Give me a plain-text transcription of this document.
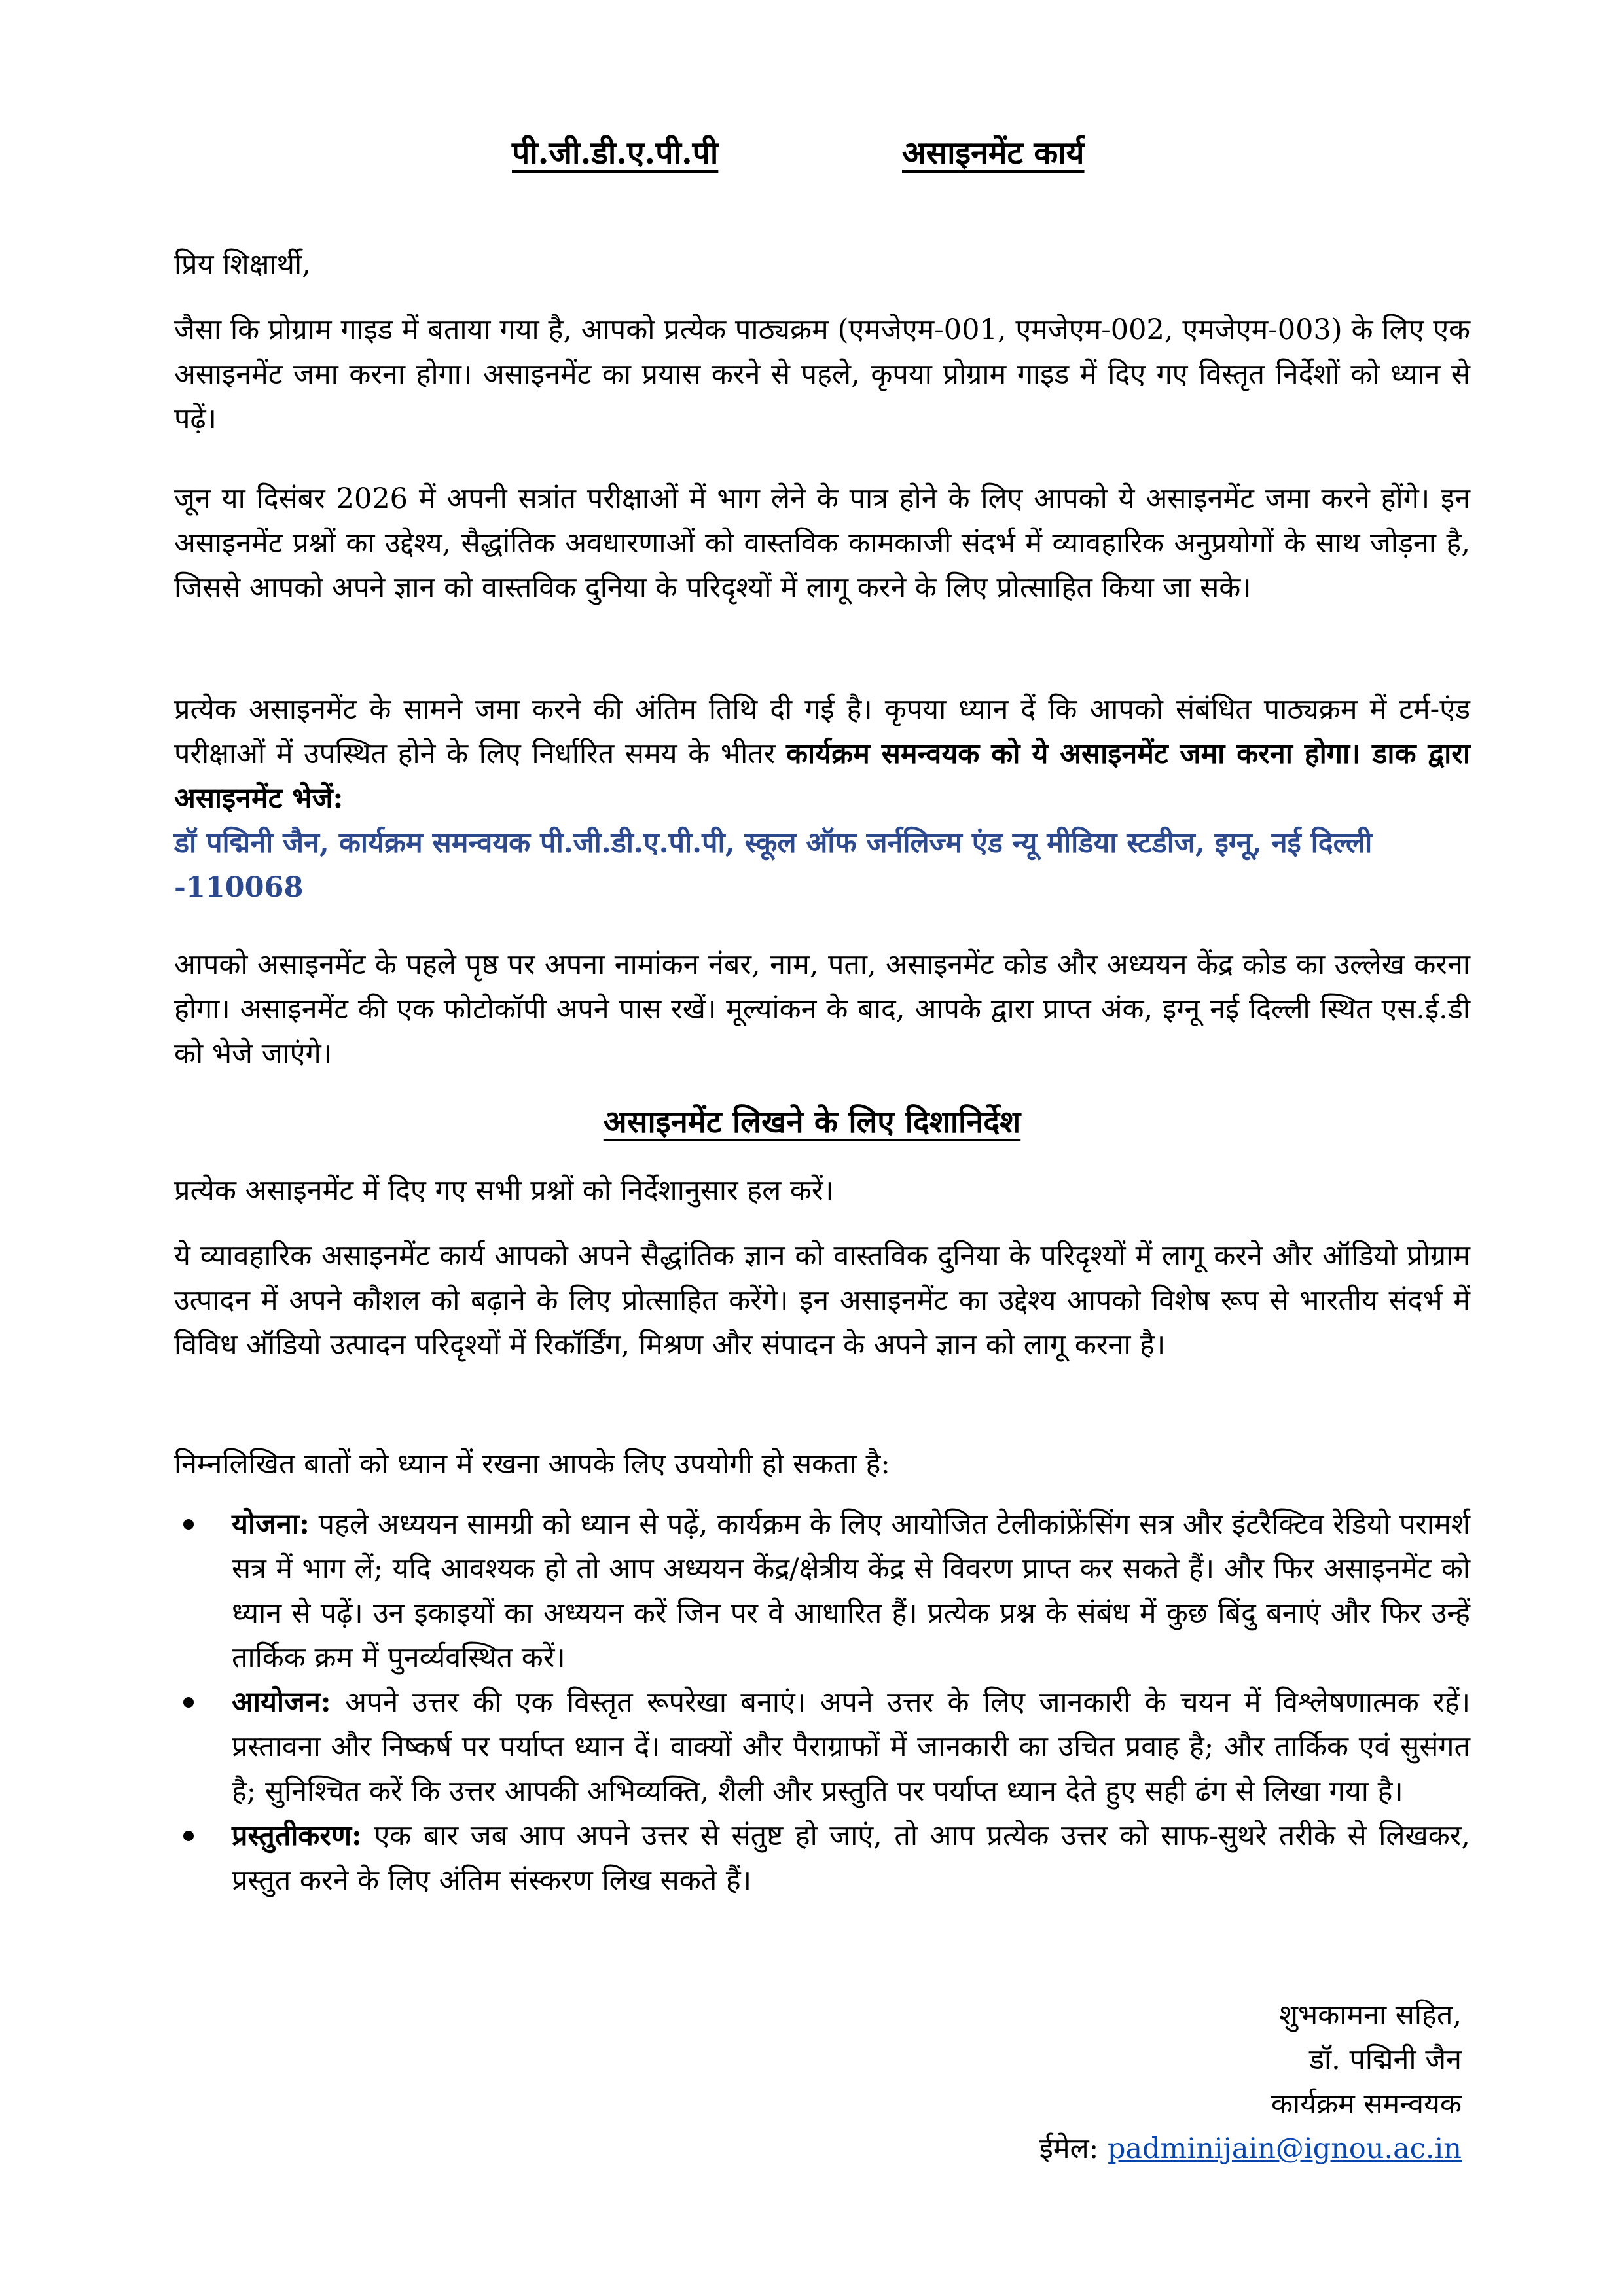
पी.जी.डी.ए.पी.पी	असाइनमेंट कार्य
प्रिय शिक्षार्थी,
जैसा कि प्रोग्राम गाइड में बताया गया है, आपको प्रत्येक पाठ्यक्रम (एमजेएम-001, एमजेएम-002, एमजेएम-003) के लिए एक असाइनमेंट जमा करना होगा। असाइनमेंट का प्रयास करने से पहले, कृपया प्रोग्राम गाइड में दिए गए विस्तृत निर्देशों को ध्यान से पढ़ें।
जून या दिसंबर 2026 में अपनी सत्रांत परीक्षाओं में भाग लेने के पात्र होने के लिए आपको ये असाइनमेंट जमा करने होंगे। इन असाइनमेंट प्रश्नों का उद्देश्य, सैद्धांतिक अवधारणाओं को वास्तविक कामकाजी संदर्भ में व्यावहारिक अनुप्रयोगों के साथ जोड़ना है, जिससे आपको अपने ज्ञान को वास्तविक दुनिया के परिदृश्यों में लागू करने के लिए प्रोत्साहित किया जा सके।
प्रत्येक असाइनमेंट के सामने जमा करने की अंतिम तिथि दी गई है। कृपया ध्यान दें कि आपको संबंधित पाठ्यक्रम में टर्म-एंड परीक्षाओं में उपस्थित होने के लिए निर्धारित समय के भीतर कार्यक्रम समन्वयक को ये असाइनमेंट जमा करना होगा। डाक द्वारा असाइनमेंट भेजें:
डॉ पद्मिनी जैन, कार्यक्रम समन्वयक पी.जी.डी.ए.पी.पी, स्कूल ऑफ जर्नलिज्म एंड न्यू मीडिया स्टडीज, इग्नू, नई दिल्ली -110068
आपको असाइनमेंट के पहले पृष्ठ पर अपना नामांकन नंबर, नाम, पता, असाइनमेंट कोड और अध्ययन केंद्र कोड का उल्लेख करना होगा। असाइनमेंट की एक फोटोकॉपी अपने पास रखें। मूल्यांकन के बाद, आपके द्वारा प्राप्त अंक, इग्नू नई दिल्ली स्थित एस.ई.डी को भेजे जाएंगे।
असाइनमेंट लिखने के लिए दिशानिर्देश
प्रत्येक असाइनमेंट में दिए गए सभी प्रश्नों को निर्देशानुसार हल करें।
ये व्यावहारिक असाइनमेंट कार्य आपको अपने सैद्धांतिक ज्ञान को वास्तविक दुनिया के परिदृश्यों में लागू करने और ऑडियो प्रोग्राम उत्पादन में अपने कौशल को बढ़ाने के लिए प्रोत्साहित करेंगे। इन असाइनमेंट का उद्देश्य आपको विशेष रूप से भारतीय संदर्भ में विविध ऑडियो उत्पादन परिदृश्यों में रिकॉर्डिंग, मिश्रण और संपादन के अपने ज्ञान को लागू करना है।
निम्नलिखित बातों को ध्यान में रखना आपके लिए उपयोगी हो सकता है:
योजना: पहले अध्ययन सामग्री को ध्यान से पढ़ें, कार्यक्रम के लिए आयोजित टेलीकांफ्रेंसिंग सत्र और इंटरैक्टिव रेडियो परामर्श सत्र में भाग लें; यदि आवश्यक हो तो आप अध्ययन केंद्र/क्षेत्रीय केंद्र से विवरण प्राप्त कर सकते हैं। और फिर असाइनमेंट को ध्यान से पढ़ें। उन इकाइयों का अध्ययन करें जिन पर वे आधारित हैं। प्रत्येक प्रश्न के संबंध में कुछ बिंदु बनाएं और फिर उन्हें तार्किक क्रम में पुनर्व्यवस्थित करें।
आयोजन: अपने उत्तर की एक विस्तृत रूपरेखा बनाएं। अपने उत्तर के लिए जानकारी के चयन में विश्लेषणात्मक रहें। प्रस्तावना और निष्कर्ष पर पर्याप्त ध्यान दें। वाक्यों और पैराग्राफों में जानकारी का उचित प्रवाह है; और तार्किक एवं सुसंगत है; सुनिश्चित करें कि उत्तर आपकी अभिव्यक्ति, शैली और प्रस्तुति पर पर्याप्त ध्यान देते हुए सही ढंग से लिखा गया है।
प्रस्तुतीकरण: एक बार जब आप अपने उत्तर से संतुष्ट हो जाएं, तो आप प्रत्येक उत्तर को साफ-सुथरे तरीके से लिखकर, प्रस्तुत करने के लिए अंतिम संस्करण लिख सकते हैं।
शुभकामना सहित,
डॉ. पद्मिनी जैन
कार्यक्रम समन्वयक
ईमेल: padminijain@ignou.ac.in
